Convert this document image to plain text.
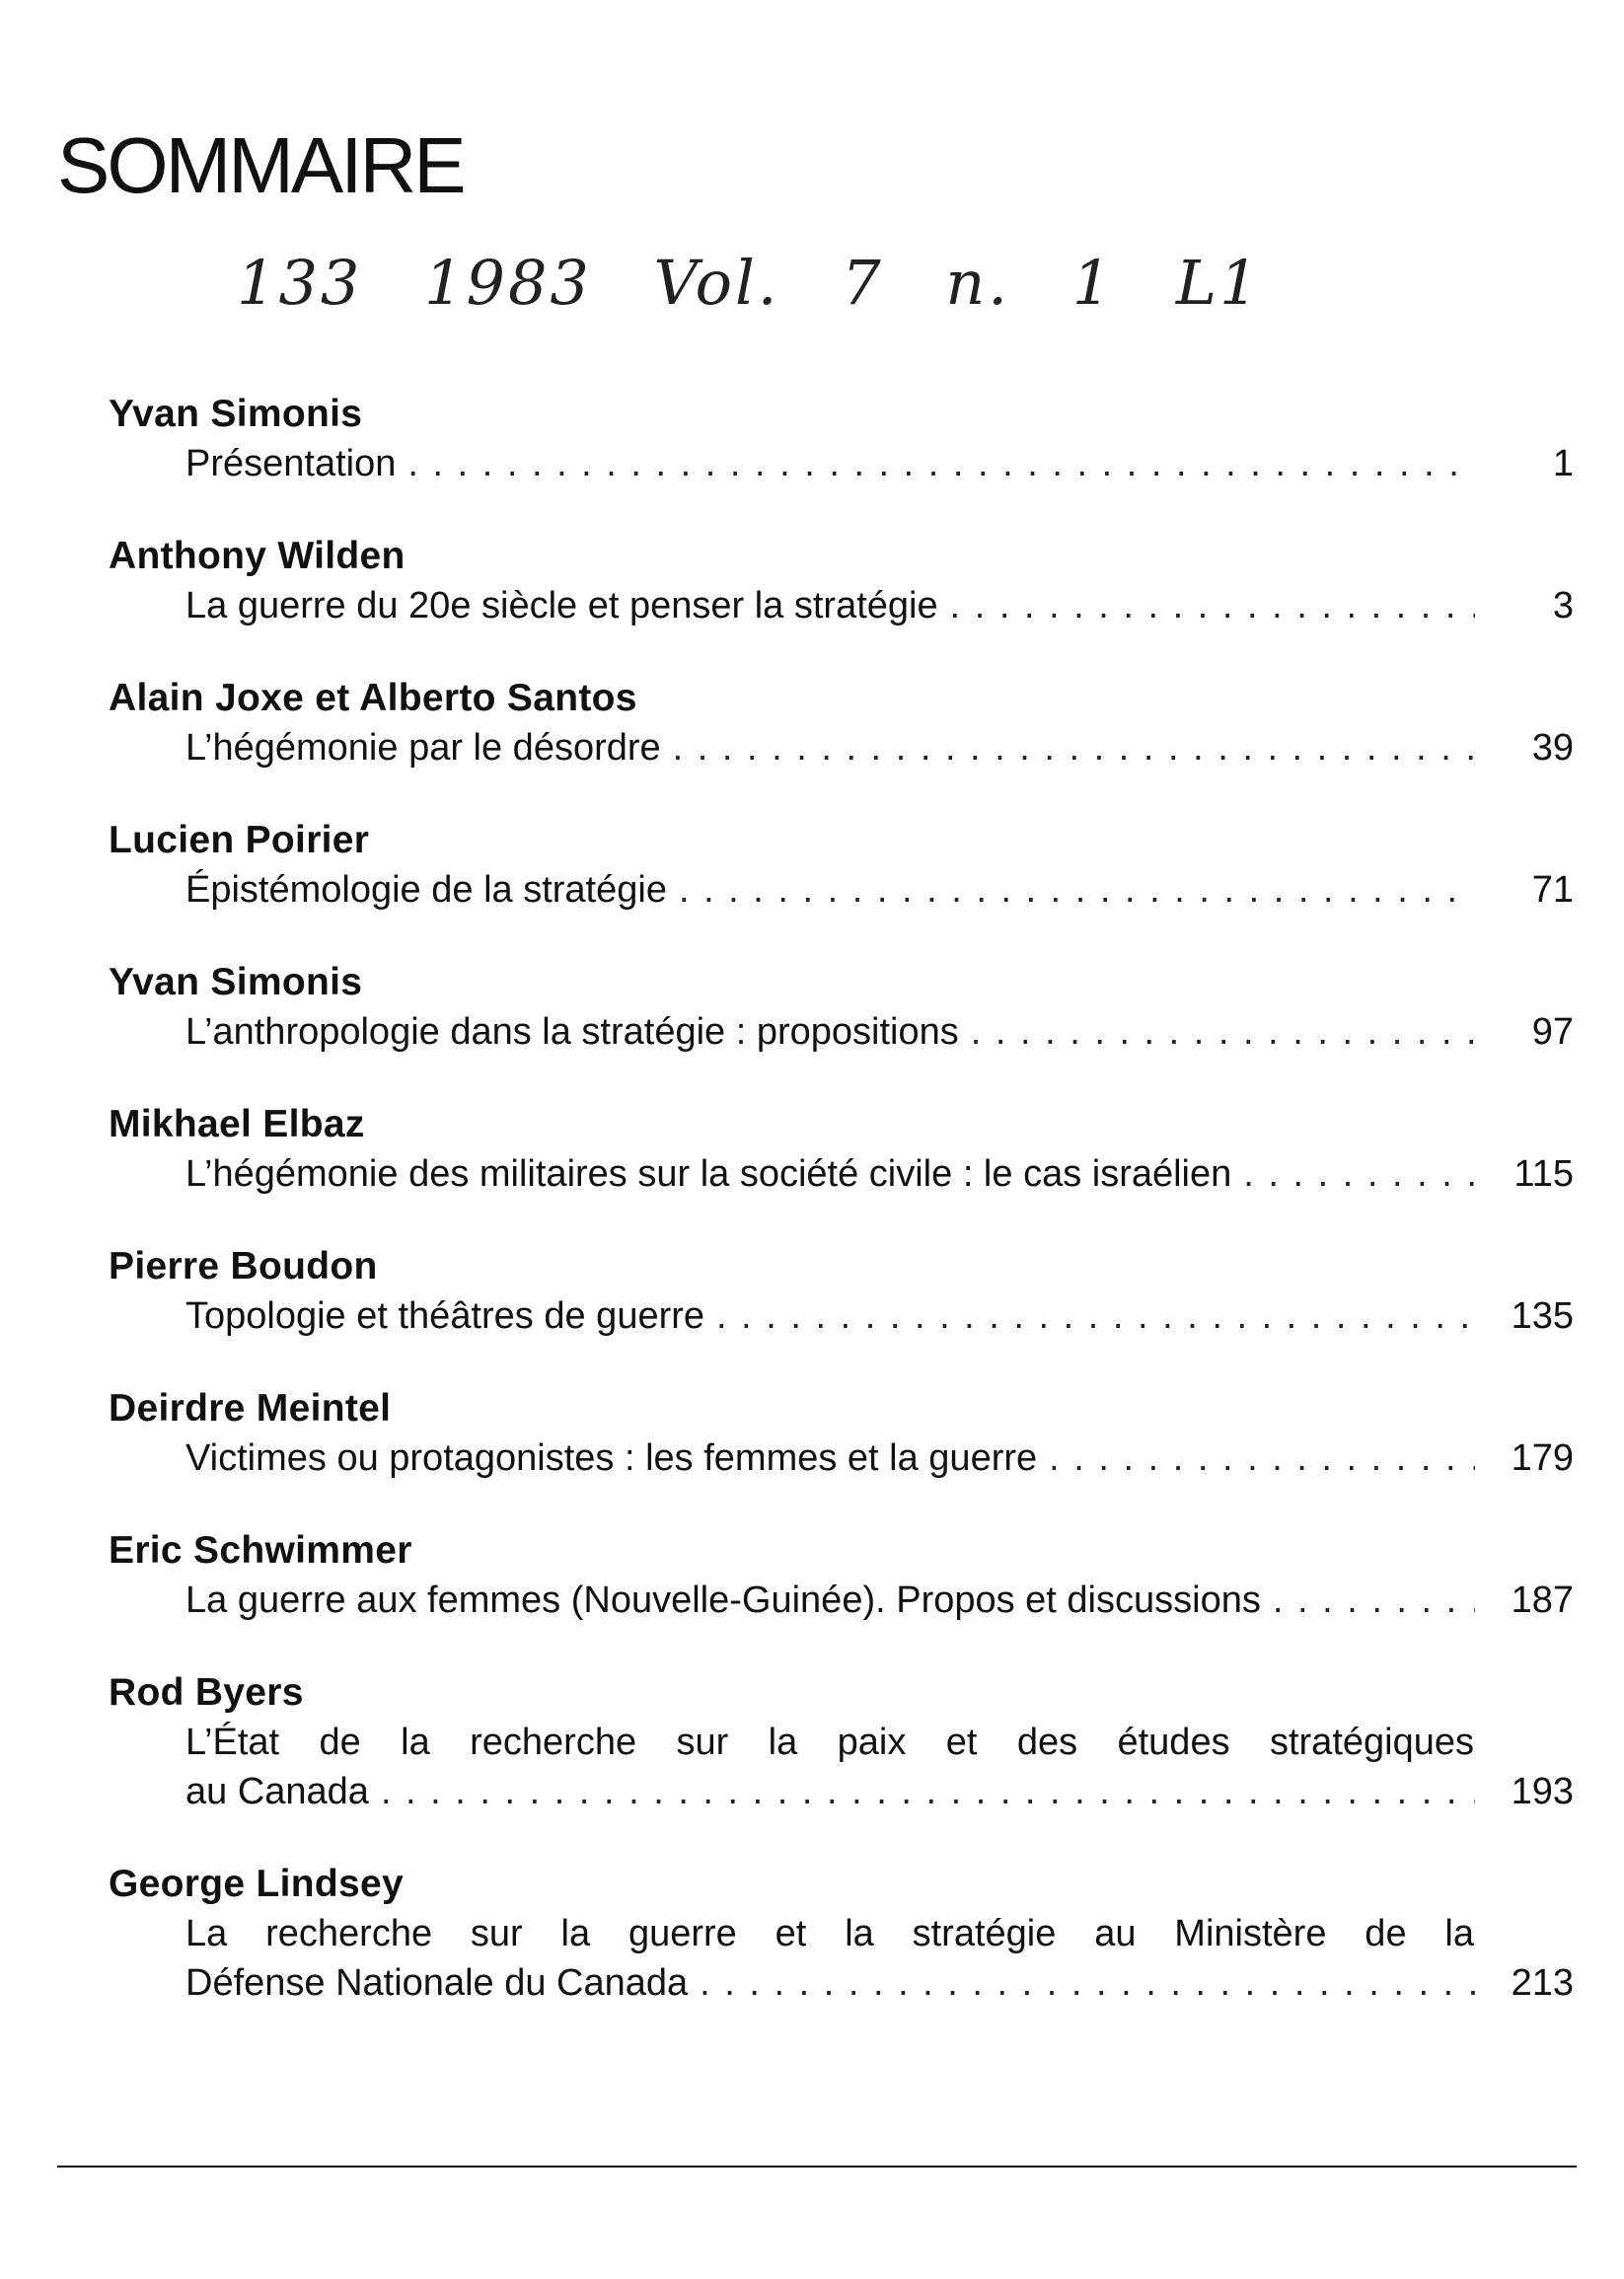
SOMMAIRE
133 1983 Vol. 7 n. 1 L1
Yvan Simonis
Présentation . . .	1
Anthony Wilden
La guerre du 20e siècle et penser la stratégie . . .	3
Alain Joxe et Alberto Santos
L’hégémonie par le désordre . . .	39
Lucien Poirier
Épistémologie de la stratégie . . .	71
Yvan Simonis
L’anthropologie dans la stratégie : propositions . . .	97
Mikhael Elbaz
L’hégémonie des militaires sur la société civile : le cas israélien . . .	115
Pierre Boudon
Topologie et théâtres de guerre . . .	135
Deirdre Meintel
Victimes ou protagonistes : les femmes et la guerre . . .	179
Eric Schwimmer
La guerre aux femmes (Nouvelle-Guinée). Propos et discussions . . .	187
Rod Byers
L’État de la recherche sur la paix et des études stratégiques
au Canada . . .	193
George Lindsey
La recherche sur la guerre et la stratégie au Ministère de la
Défense Nationale du Canada . . .	213
